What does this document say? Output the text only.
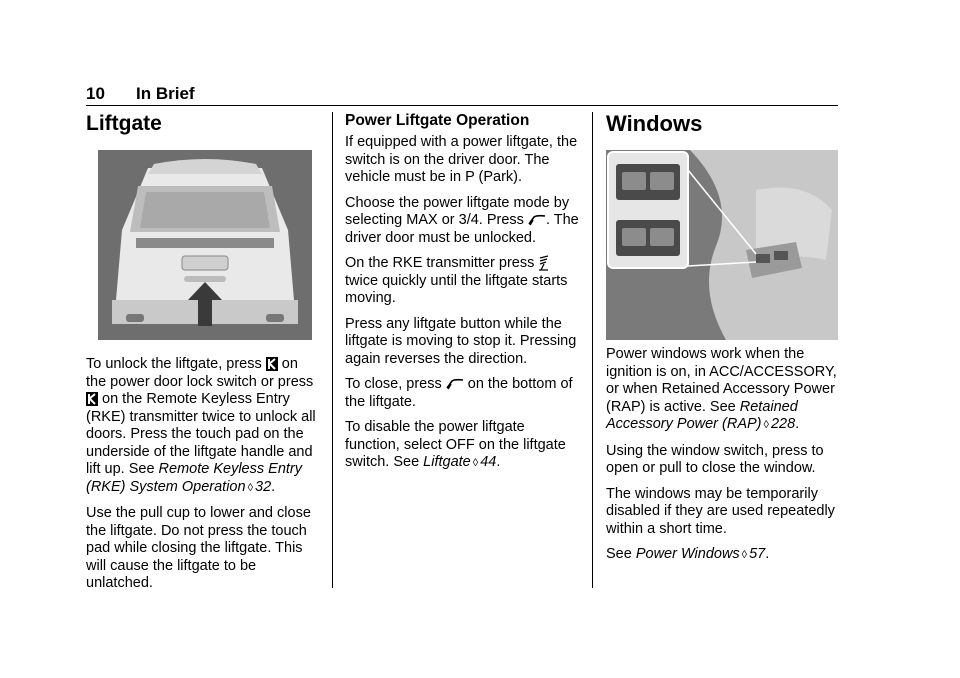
10 In Brief
Liftgate

To unlock the liftgate, press  on the power door lock switch or press  on the Remote Keyless Entry (RKE) transmitter twice to unlock all doors. Press the touch pad on the underside of the liftgate handle and lift up. See Remote Keyless Entry (RKE) System Operation ◊ 32.

Use the pull cup to lower and close the liftgate. Do not press the touch pad while closing the liftgate. This will cause the liftgate to be unlatched.

Power Liftgate Operation

If equipped with a power liftgate, the switch is on the driver door. The vehicle must be in P (Park).

Choose the power liftgate mode by selecting MAX or 3/4. Press . The driver door must be unlocked.

On the RKE transmitter press  twice quickly until the liftgate starts moving.

Press any liftgate button while the liftgate is moving to stop it. Pressing again reverses the direction.

To close, press  on the bottom of the liftgate.

To disable the power liftgate function, select OFF on the liftgate switch. See Liftgate ◊ 44.

Windows

Power windows work when the ignition is on, in ACC/ACCESSORY, or when Retained Accessory Power (RAP) is active. See Retained Accessory Power (RAP) ◊ 228.

Using the window switch, press to open or pull to close the window.

The windows may be temporarily disabled if they are used repeatedly within a short time.

See Power Windows ◊ 57.
